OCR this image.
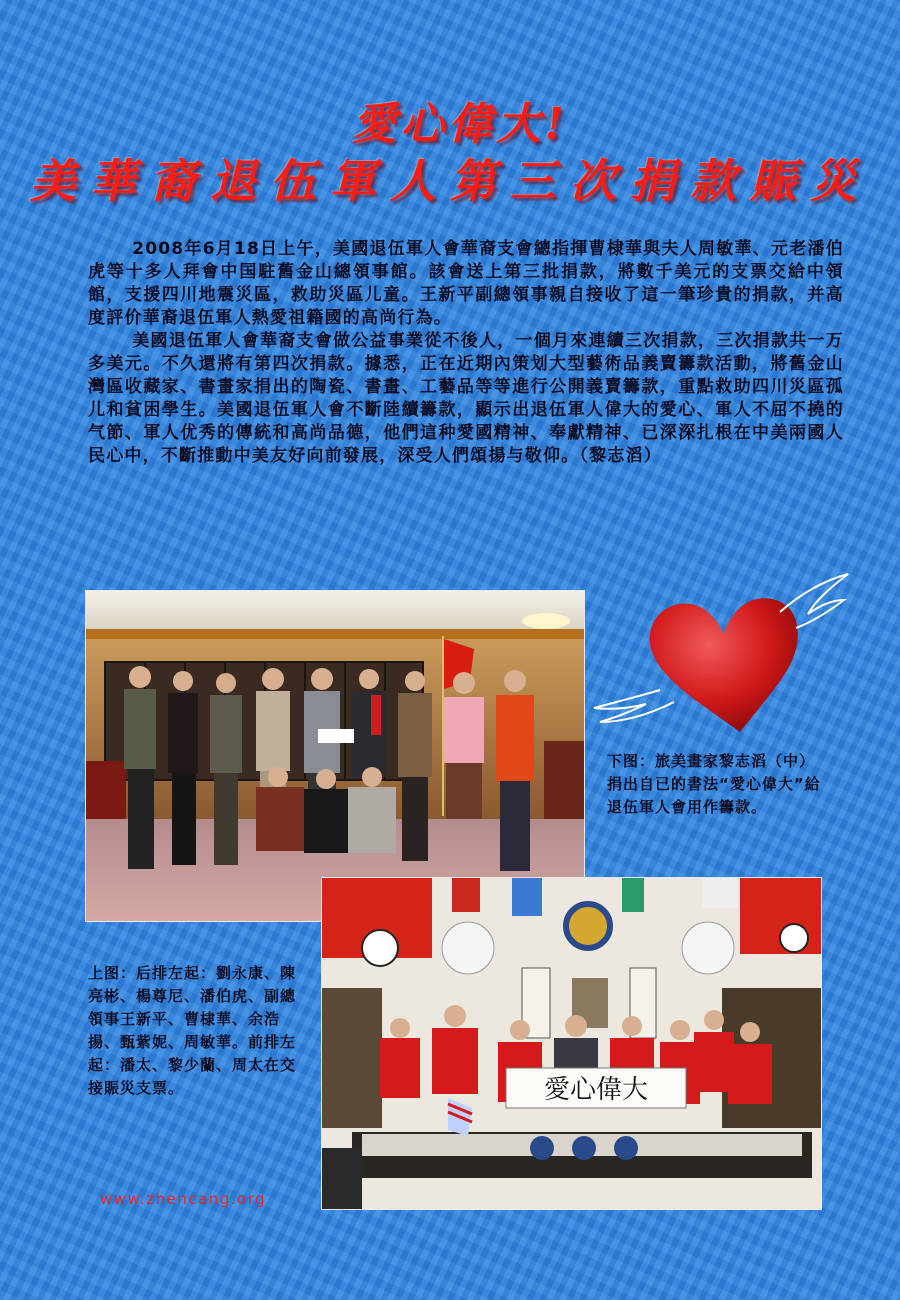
愛心偉大!
美華裔退伍軍人第三次捐款賑災

2008年6月18日上午，美國退伍軍人會華裔支會總指揮曹棣華與夫人周敏華、元老潘伯虎等十多人拜會中国駐舊金山總領事館。該會送上第三批捐款，將數千美元的支票交給中領館，支援四川地震災區，救助災區儿童。王新平副總領事親自接收了這一筆珍貴的捐款，并高度評价華裔退伍軍人熱愛祖籍國的高尚行為。

美國退伍軍人會華裔支會做公益事業從不後人，一個月來連續三次捐款，三次捐款共一万多美元。不久還將有第四次捐款。據悉，正在近期內策划大型藝術品義賣籌款活動，將舊金山灣區收藏家、書畫家捐出的陶瓷、書畫、工藝品等等進行公開義賣籌款，重點救助四川災區孤儿和貧困學生。美國退伍軍人會不斷陸續籌款，顯示出退伍軍人偉大的愛心、軍人不屈不撓的气節、軍人优秀的傳統和高尚品德，他們這种愛國精神、奉獻精神、已深深扎根在中美兩國人民心中，不斷推動中美友好向前發展，深受人們頌揚与敬仰。（黎志滔）

下图：旅美畫家黎志滔（中）捐出自已的書法“愛心偉大”給退伍軍人會用作籌款。
愛心偉大
上图：后排左起：劉永康、陳亮彬、楊尊尼、潘伯虎、副總領事王新平、曹棣華、余浩揚、甄紫妮、周敏華。前排左起：潘太、黎少蘭、周太在交接賑災支票。
www.zhencang.org
